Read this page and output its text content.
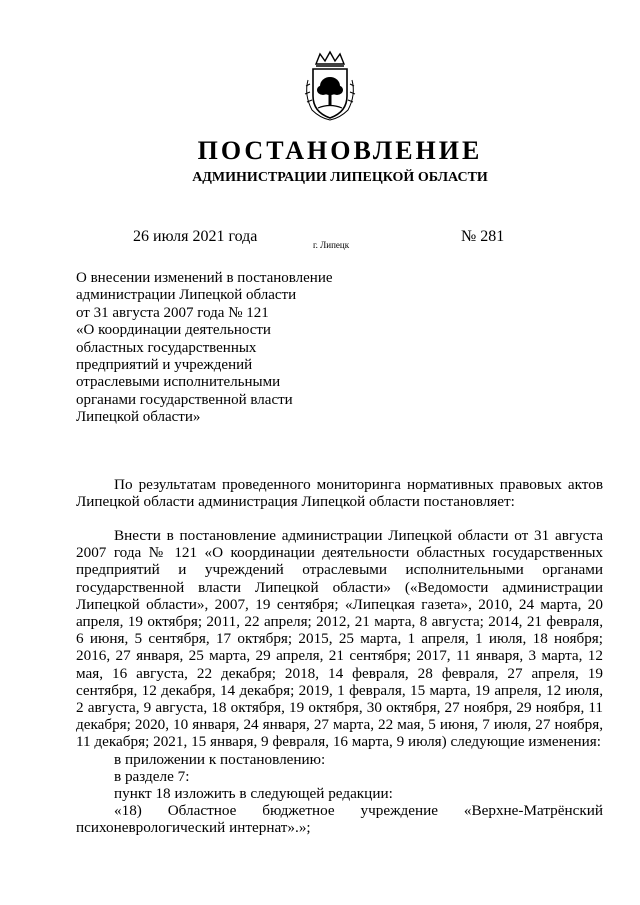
ПОСТАНОВЛЕНИЕ
АДМИНИСТРАЦИИ ЛИПЕЦКОЙ ОБЛАСТИ
26 июля 2021 года	г. Липецк	№ 281
О внесении изменений в постановление
администрации Липецкой области
от 31 августа 2007 года № 121
«О координации деятельности
областных государственных
предприятий и учреждений
отраслевыми исполнительными
органами государственной власти
Липецкой области»

По результатам проведенного мониторинга нормативных правовых актов Липецкой области администрация Липецкой области постановляет:

Внести в постановление администрации Липецкой области от 31 августа 2007 года № 121 «О координации деятельности областных государственных предприятий и учреждений отраслевыми исполнительными органами государственной власти Липецкой области» («Ведомости администрации Липецкой области», 2007, 19 сентября; «Липецкая газета», 2010, 24 марта, 20 апреля, 19 октября; 2011, 22 апреля; 2012, 21 марта, 8 августа; 2014, 21 февраля, 6 июня, 5 сентября, 17 октября; 2015, 25 марта, 1 апреля, 1 июля, 18 ноября; 2016, 27 января, 25 марта, 29 апреля, 21 сентября; 2017, 11 января, 3 марта, 12 мая, 16 августа, 22 декабря; 2018, 14 февраля, 28 февраля, 27 апреля, 19 сентября, 12 декабря, 14 декабря; 2019, 1 февраля, 15 марта, 19 апреля, 12 июля, 2 августа, 9 августа, 18 октября, 19 октября, 30 октября, 27 ноября, 29 ноября, 11 декабря; 2020, 10 января, 24 января, 27 марта, 22 мая, 5 июня, 7 июля, 27 ноября, 11 декабря; 2021, 15 января, 9 февраля, 16 марта, 9 июля) следующие изменения:

в приложении к постановлению:
в разделе 7:
пункт 18 изложить в следующей редакции:
«18) Областное бюджетное учреждение «Верхне-Матрёнский
психоневрологический интернат».»;
